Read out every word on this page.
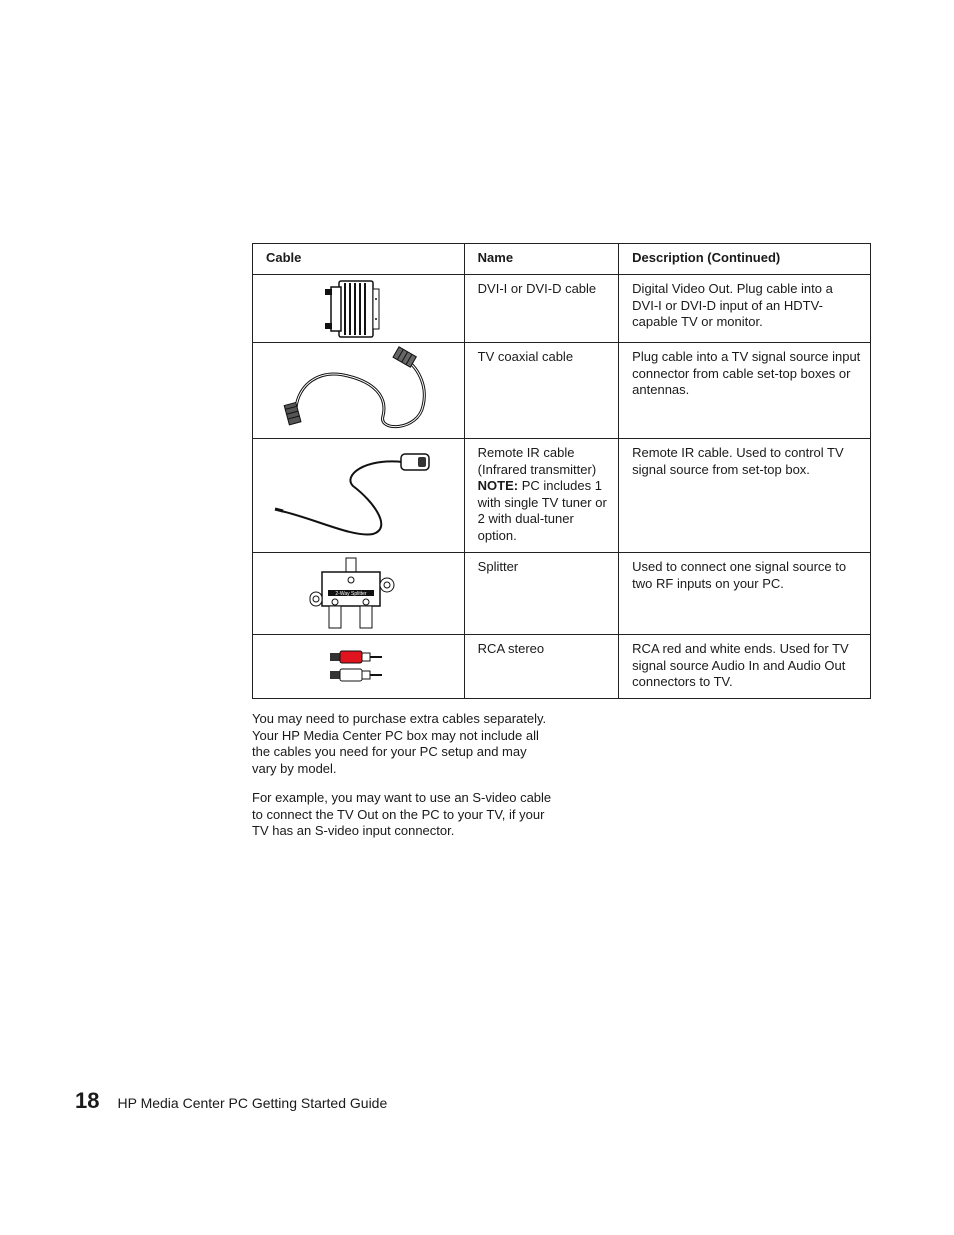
Cable	Name	Description (Continued)

	DVI-I or DVI-D cable	Digital Video Out. Plug cable into a DVI-I or DVI-D input of an HDTV-capable TV or monitor.

	TV coaxial cable	Plug cable into a TV signal source input connector from cable set-top boxes or antennas.

	Remote IR cable (Infrared transmitter)
NOTE: PC includes 1 with single TV tuner or 2 with dual-tuner option.	Remote IR cable. Used to control TV signal source from set-top box.

2-Way Splitter	Splitter	Used to connect one signal source to two RF inputs on your PC.

	RCA stereo	RCA red and white ends. Used for TV signal source Audio In and Audio Out connectors to TV.

You may need to purchase extra cables separately. Your HP Media Center PC box may not include all the cables you need for your PC setup and may vary by model.

For example, you may want to use an S-video cable to connect the TV Out on the PC to your TV, if your TV has an S-video input connector.

18 HP Media Center PC Getting Started Guide
